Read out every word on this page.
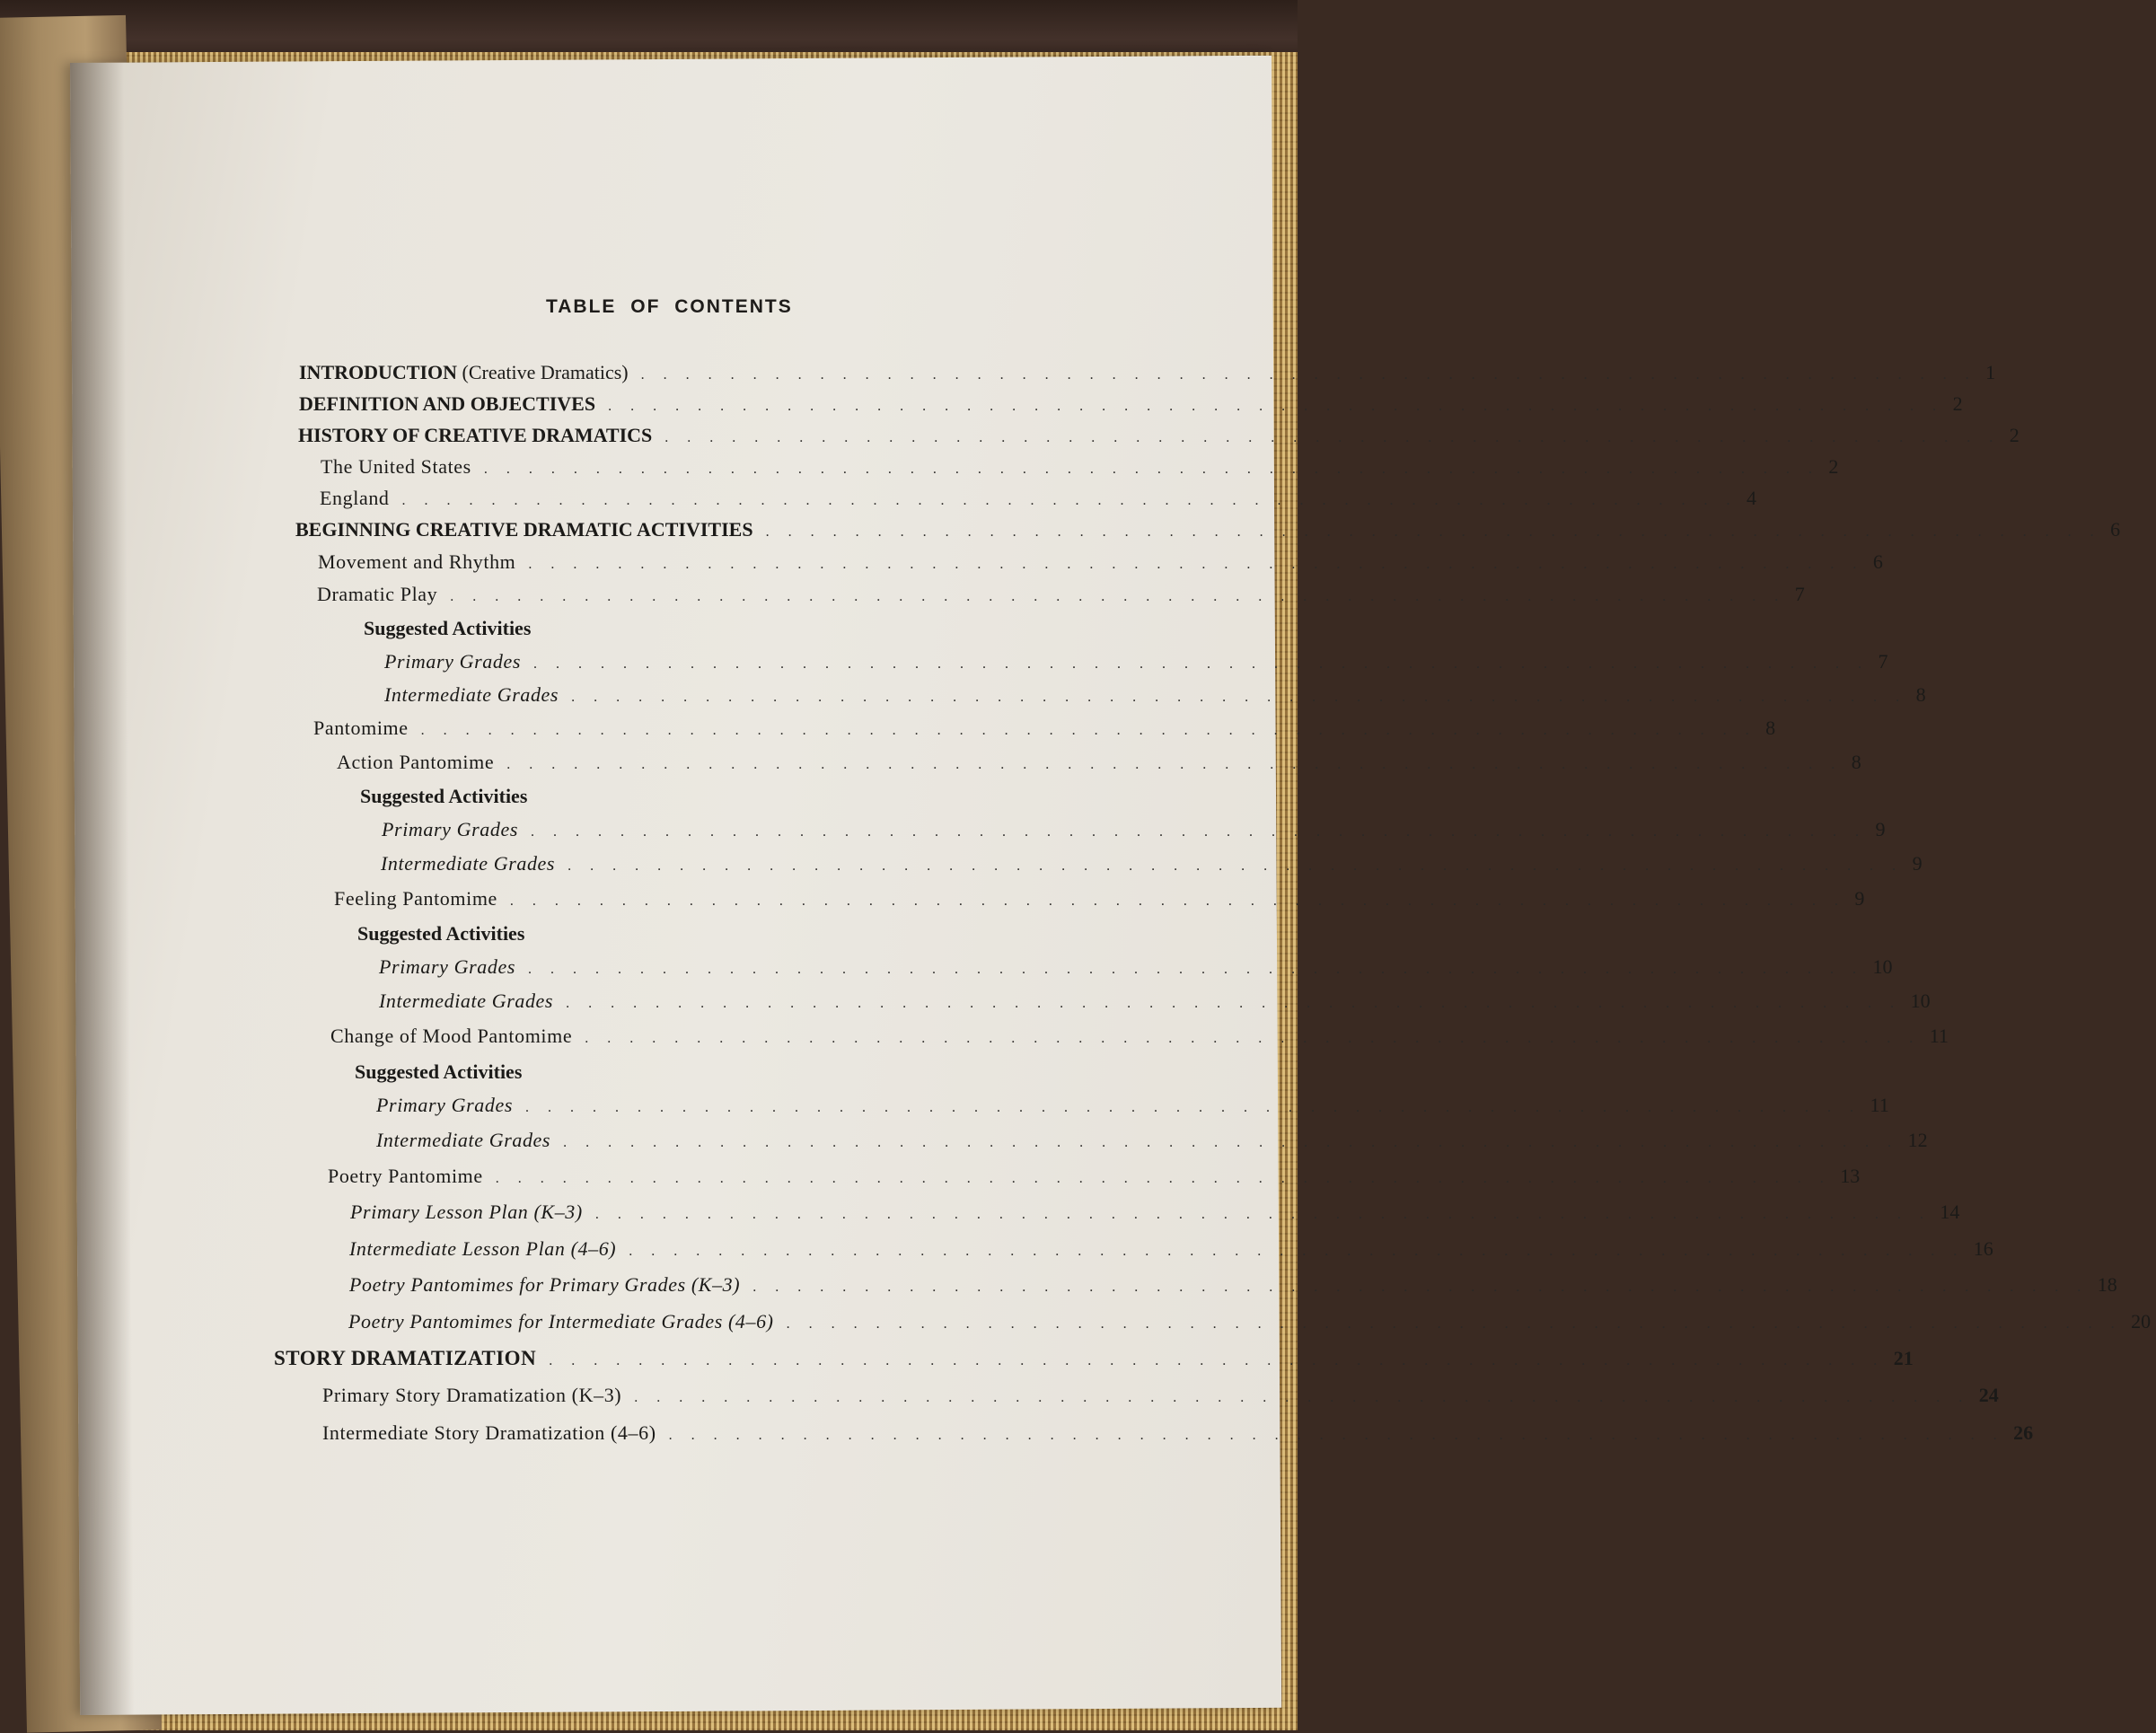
TABLE OF CONTENTS
INTRODUCTION (Creative Dramatics) . . . . . . . . . . . . . . . . . . . . . . . . . . . . . . . . . . . . . . . . . . . . . . . . . . . . . . . . . . . . 1
DEFINITION AND OBJECTIVES . . . . . . . . . . . . . . . . . . . . . . . . . . . . . . . . . . . . . . . . . . . . . . . . . . . . . . . . . . . . 2
HISTORY OF CREATIVE DRAMATICS . . . . . . . . . . . . . . . . . . . . . . . . . . . . . . . . . . . . . . . . . . . . . . . . . . . . . . . . . . . . 2
The United States . . . . . . . . . . . . . . . . . . . . . . . . . . . . . . . . . . . . . . . . . . . . . . . . . . . . . . . . . . . . 2
England . . . . . . . . . . . . . . . . . . . . . . . . . . . . . . . . . . . . . . . . . . . . . . . . . . . . . . . . . . . . 4
BEGINNING CREATIVE DRAMATIC ACTIVITIES . . . . . . . . . . . . . . . . . . . . . . . . . . . . . . . . . . . . . . . . . . . . . . . . . . . . . . . . . . . . 6
Movement and Rhythm . . . . . . . . . . . . . . . . . . . . . . . . . . . . . . . . . . . . . . . . . . . . . . . . . . . . . . . . . . . . 6
Dramatic Play . . . . . . . . . . . . . . . . . . . . . . . . . . . . . . . . . . . . . . . . . . . . . . . . . . . . . . . . . . . . 7
Suggested Activities
Primary Grades . . . . . . . . . . . . . . . . . . . . . . . . . . . . . . . . . . . . . . . . . . . . . . . . . . . . . . . . . . . . 7
Intermediate Grades . . . . . . . . . . . . . . . . . . . . . . . . . . . . . . . . . . . . . . . . . . . . . . . . . . . . . . . . . . . . 8
Pantomime . . . . . . . . . . . . . . . . . . . . . . . . . . . . . . . . . . . . . . . . . . . . . . . . . . . . . . . . . . . . 8
Action Pantomime . . . . . . . . . . . . . . . . . . . . . . . . . . . . . . . . . . . . . . . . . . . . . . . . . . . . . . . . . . . . 8
Suggested Activities
Primary Grades . . . . . . . . . . . . . . . . . . . . . . . . . . . . . . . . . . . . . . . . . . . . . . . . . . . . . . . . . . . . 9
Intermediate Grades . . . . . . . . . . . . . . . . . . . . . . . . . . . . . . . . . . . . . . . . . . . . . . . . . . . . . . . . . . . . 9
Feeling Pantomime . . . . . . . . . . . . . . . . . . . . . . . . . . . . . . . . . . . . . . . . . . . . . . . . . . . . . . . . . . . . 9
Suggested Activities
Primary Grades . . . . . . . . . . . . . . . . . . . . . . . . . . . . . . . . . . . . . . . . . . . . . . . . . . . . . . . . . . . . 10
Intermediate Grades . . . . . . . . . . . . . . . . . . . . . . . . . . . . . . . . . . . . . . . . . . . . . . . . . . . . . . . . . . . . 10
Change of Mood Pantomime . . . . . . . . . . . . . . . . . . . . . . . . . . . . . . . . . . . . . . . . . . . . . . . . . . . . . . . . . . . . 11
Suggested Activities
Primary Grades . . . . . . . . . . . . . . . . . . . . . . . . . . . . . . . . . . . . . . . . . . . . . . . . . . . . . . . . . . . . 11
Intermediate Grades . . . . . . . . . . . . . . . . . . . . . . . . . . . . . . . . . . . . . . . . . . . . . . . . . . . . . . . . . . . . 12
Poetry Pantomime . . . . . . . . . . . . . . . . . . . . . . . . . . . . . . . . . . . . . . . . . . . . . . . . . . . . . . . . . . . . 13
Primary Lesson Plan (K–3) . . . . . . . . . . . . . . . . . . . . . . . . . . . . . . . . . . . . . . . . . . . . . . . . . . . . . . . . . . . . 14
Intermediate Lesson Plan (4–6) . . . . . . . . . . . . . . . . . . . . . . . . . . . . . . . . . . . . . . . . . . . . . . . . . . . . . . . . . . . . 16
Poetry Pantomimes for Primary Grades (K–3) . . . . . . . . . . . . . . . . . . . . . . . . . . . . . . . . . . . . . . . . . . . . . . . . . . . . . . . . . . . . 18
Poetry Pantomimes for Intermediate Grades (4–6) . . . . . . . . . . . . . . . . . . . . . . . . . . . . . . . . . . . . . . . . . . . . . . . . . . . . . . . . . . . . 20
STORY DRAMATIZATION . . . . . . . . . . . . . . . . . . . . . . . . . . . . . . . . . . . . . . . . . . . . . . . . . . . . . . . . . . . . 21
Primary Story Dramatization (K–3) . . . . . . . . . . . . . . . . . . . . . . . . . . . . . . . . . . . . . . . . . . . . . . . . . . . . . . . . . . . . 24
Intermediate Story Dramatization (4–6) . . . . . . . . . . . . . . . . . . . . . . . . . . . . . . . . . . . . . . . . . . . . . . . . . . . . . . . . . . . . 26
